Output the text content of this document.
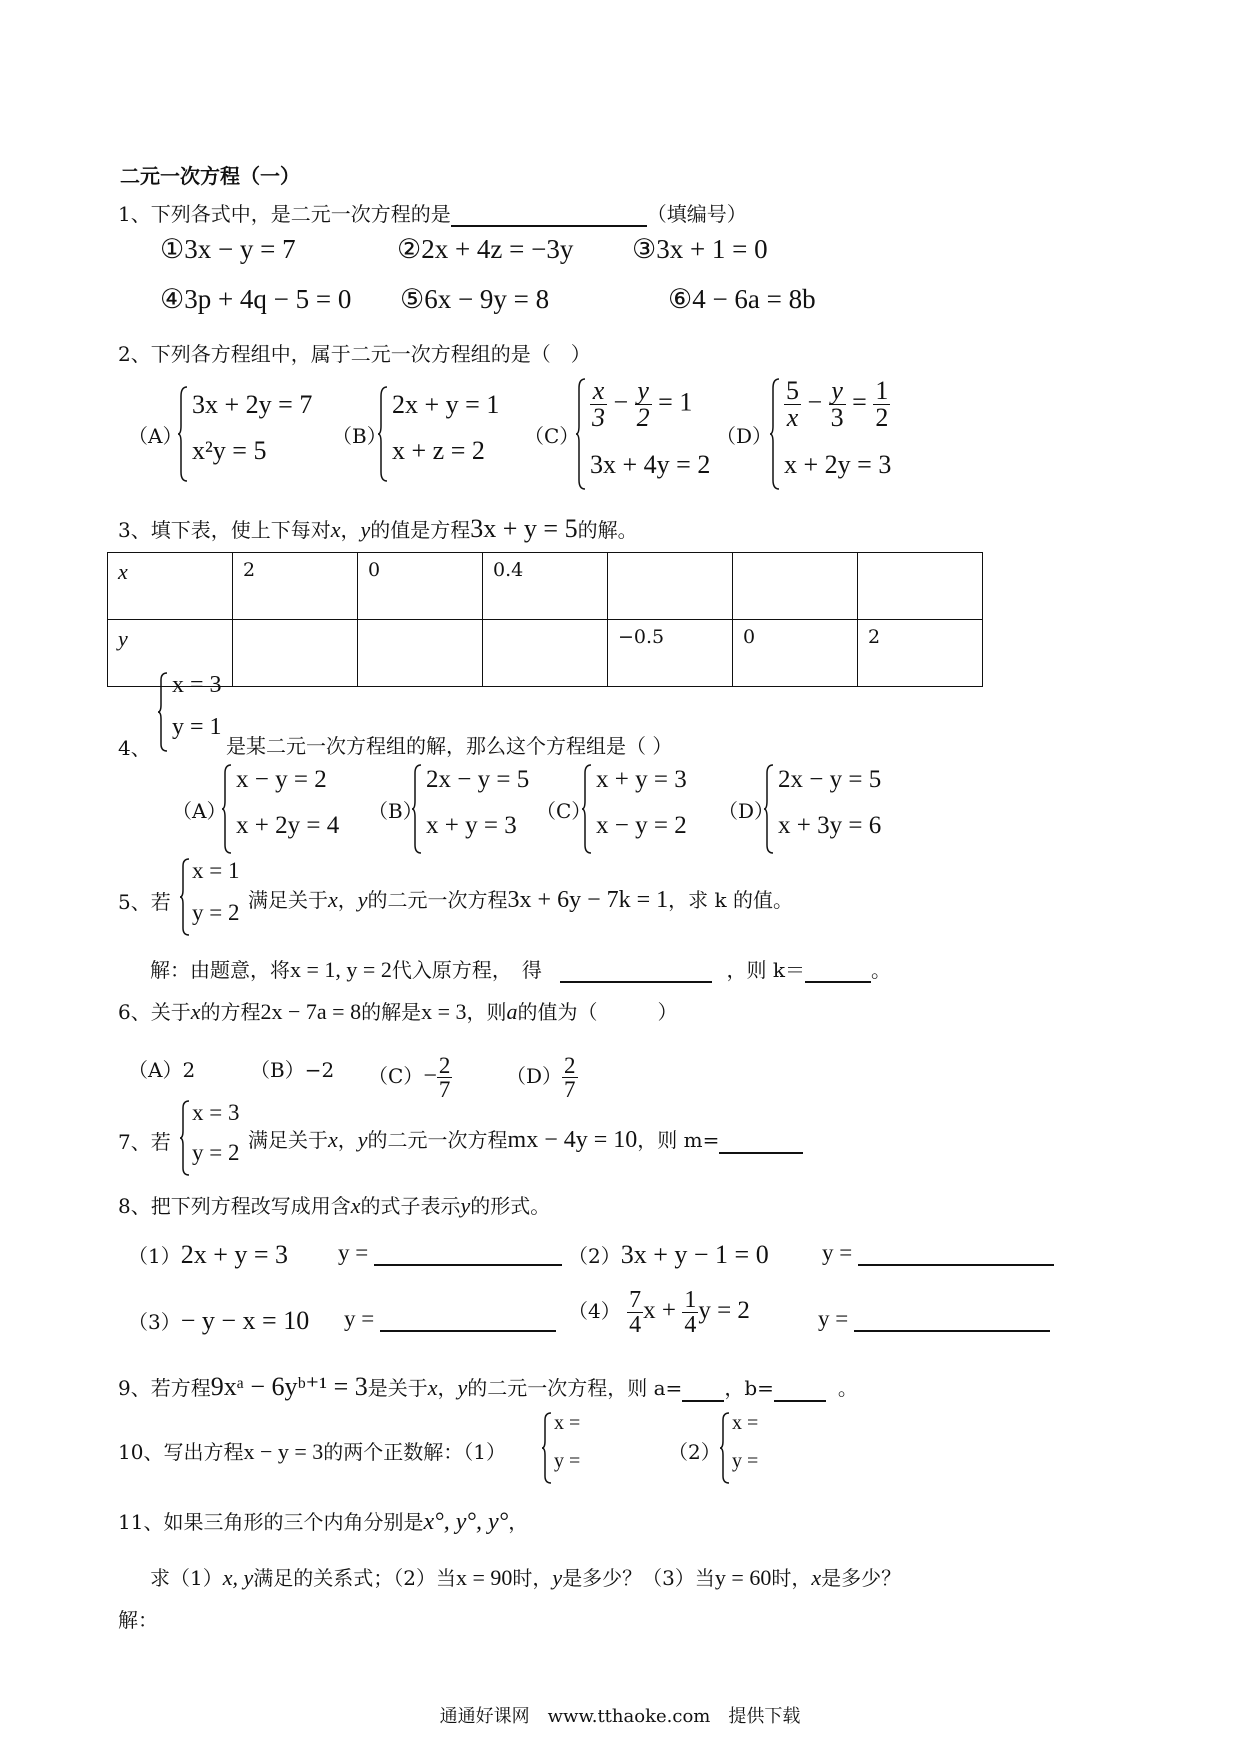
二元一次方程（一）
1、下列各式中，是二元一次方程的是	（填编号）
①3x − y = 7	②2x + 4z = −3y ③3x + 1 = 0
④3p + 4q − 5 = 0 ⑤6x − 9y = 8	⑥4 − 6a = 8b
2、下列各方程组中，属于二元一次方程组的是（　）
（A）
3x + 2y = 7
x²y = 5	（B）
2x + y = 1
x + z = 2 （C）
$\frac{x}{3} - \frac{y}{2} = 1$
3x + 4y = 2
（D）
$\frac{5}{x} - \frac{y}{3} = \frac{1}{2}$
x + 2y = 3
3、填下表，使上下每对x，y的值是方程3x + y = 5的解。
x	2	0	0.4			
y				−0.5	0	2
x = 3
y = 1
4、	是某二元一次方程组的解，那么这个方程组是（ ）
（A）
x − y = 2
x + 2y = 4
（B）
2x − y = 5
x + y = 3
（C）
x + y = 3
x − y = 2
（D）
2x − y = 5
x + 3y = 6
5、若
x = 1
y = 2 满足关于x，y的二元一次方程3x + 6y − 7k = 1，求 k 的值。
解：由题意，将x = 1, y = 2代入原方程，　得	，则 k＝	。
6、关于x的方程2x − 7a = 8的解是x = 3，则a的值为（　　　）
（A）2	（B）−2 $(C)- \frac{2}{7}$	$(D) \frac{2}{7}$
7、若
x = 3
y = 2 满足关于x，y的二元一次方程mx − 4y = 10，则 m=
8、把下列方程改写成用含x的式子表示y的形式。
（1）2x + y = 3 y =	（2）3x + y − 1 = 0 y =
（3）− y − x = 10 y =	$(4) \frac{7}{4}$ $x + \frac{1}{4}$ y = 2	y =
9、若方程9xᵃ − 6yᵇ⁺¹ = 3是关于x，y的二元一次方程，则 a= ，b=	。
10、写出方程x − y = 3的两个正数解：（1）
x =
y =	（2）
x =
y =
11、如果三角形的三个内角分别是x°, y°, y°，
求（1）x, y满足的关系式；（2）当x = 90时，y是多少？（3）当y = 60时，x是多少？
解：
通通好课网　www.tthaoke.com　提供下载
